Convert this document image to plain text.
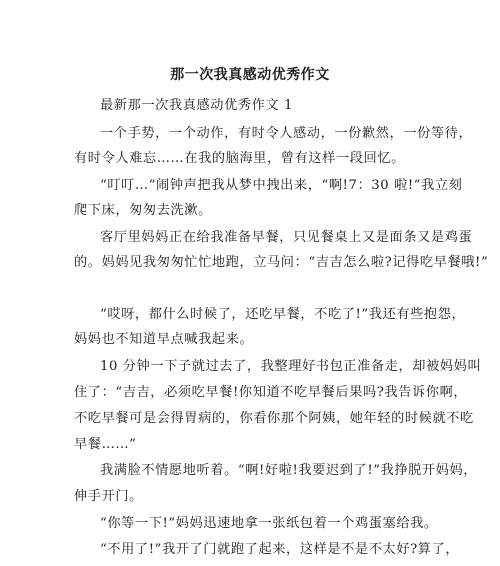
那一次我真感动优秀作文
最新那一次我真感动优秀作文 1
一个手势，一个动作，有时令人感动，一份歉然，一份等待，
有时令人难忘……在我的脑海里，曾有这样一段回忆。
“叮叮…”闹钟声把我从梦中拽出来，“啊!7：30 啦!”我立刻
爬下床，匆匆去洗漱。
客厅里妈妈正在给我准备早餐，只见餐桌上又是面条又是鸡蛋
的。妈妈见我匆匆忙忙地跑，立马问：“吉吉怎么啦?记得吃早餐哦!”
“哎呀，都什么时候了，还吃早餐，不吃了!”我还有些抱怨，
妈妈也不知道早点喊我起来。
10 分钟一下子就过去了，我整理好书包正准备走，却被妈妈叫
住了：“吉吉，必须吃早餐!你知道不吃早餐后果吗?我告诉你啊，
不吃早餐可是会得胃病的，你看你那个阿姨，她年轻的时候就不吃
早餐……”
我满脸不情愿地听着。“啊!好啦!我要迟到了!”我挣脱开妈妈，
伸手开门。
“你等一下!”妈妈迅速地拿一张纸包着一个鸡蛋塞给我。
“不用了!”我开了门就跑了起来，这样是不是不太好?算了，
